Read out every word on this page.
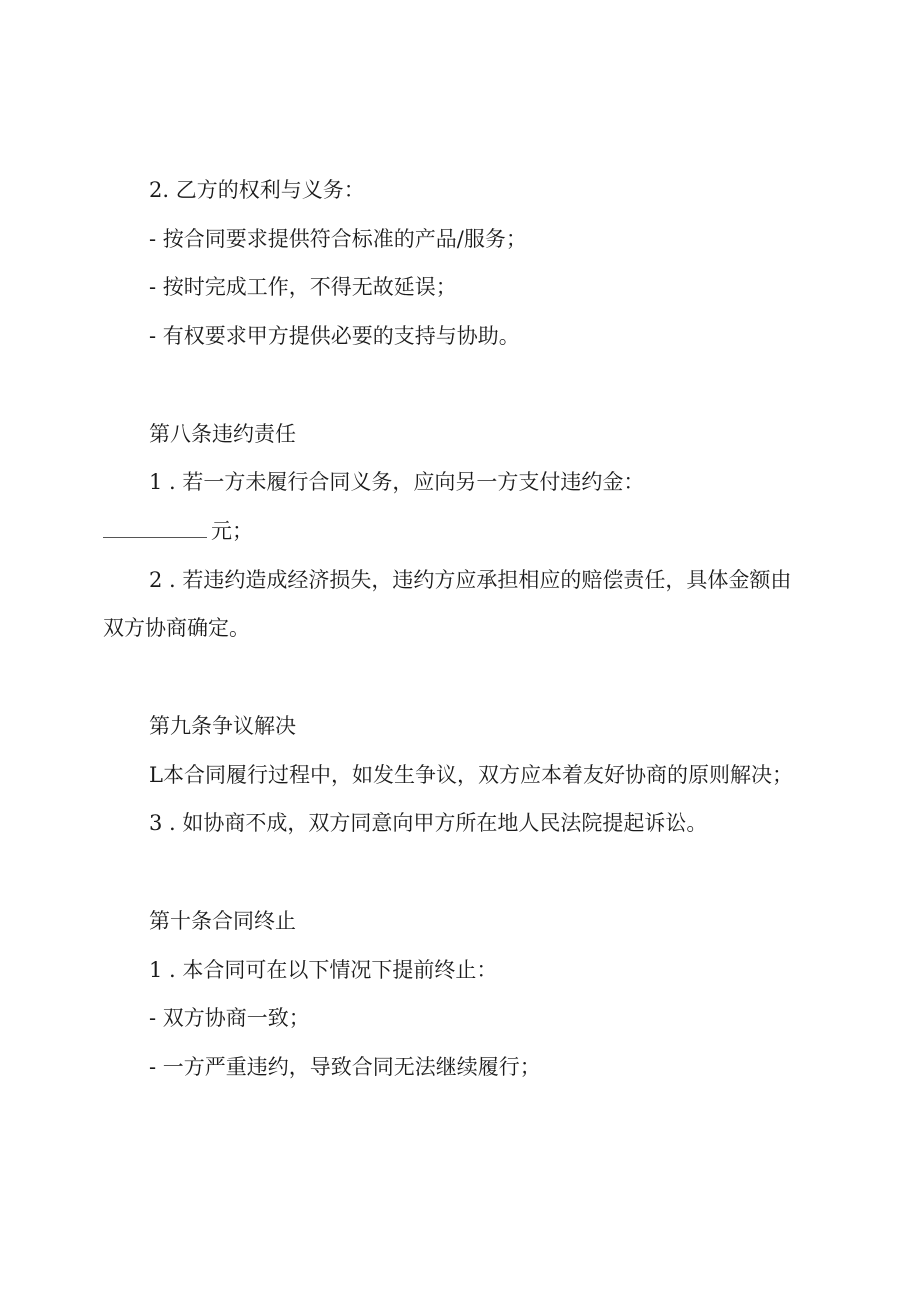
2. 乙方的权利与义务：
- 按合同要求提供符合标准的产品/服务；
- 按时完成工作，不得无故延误；
- 有权要求甲方提供必要的支持与协助。
第八条违约责任
1 . 若一方未履行合同义务，应向另一方支付违约金：
元；
2 . 若违约造成经济损失，违约方应承担相应的赔偿责任，具体金额由
双方协商确定。
第九条争议解决
L本合同履行过程中，如发生争议，双方应本着友好协商的原则解决；
3 . 如协商不成，双方同意向甲方所在地人民法院提起诉讼。
第十条合同终止
1 . 本合同可在以下情况下提前终止：
- 双方协商一致；
- 一方严重违约，导致合同无法继续履行；
